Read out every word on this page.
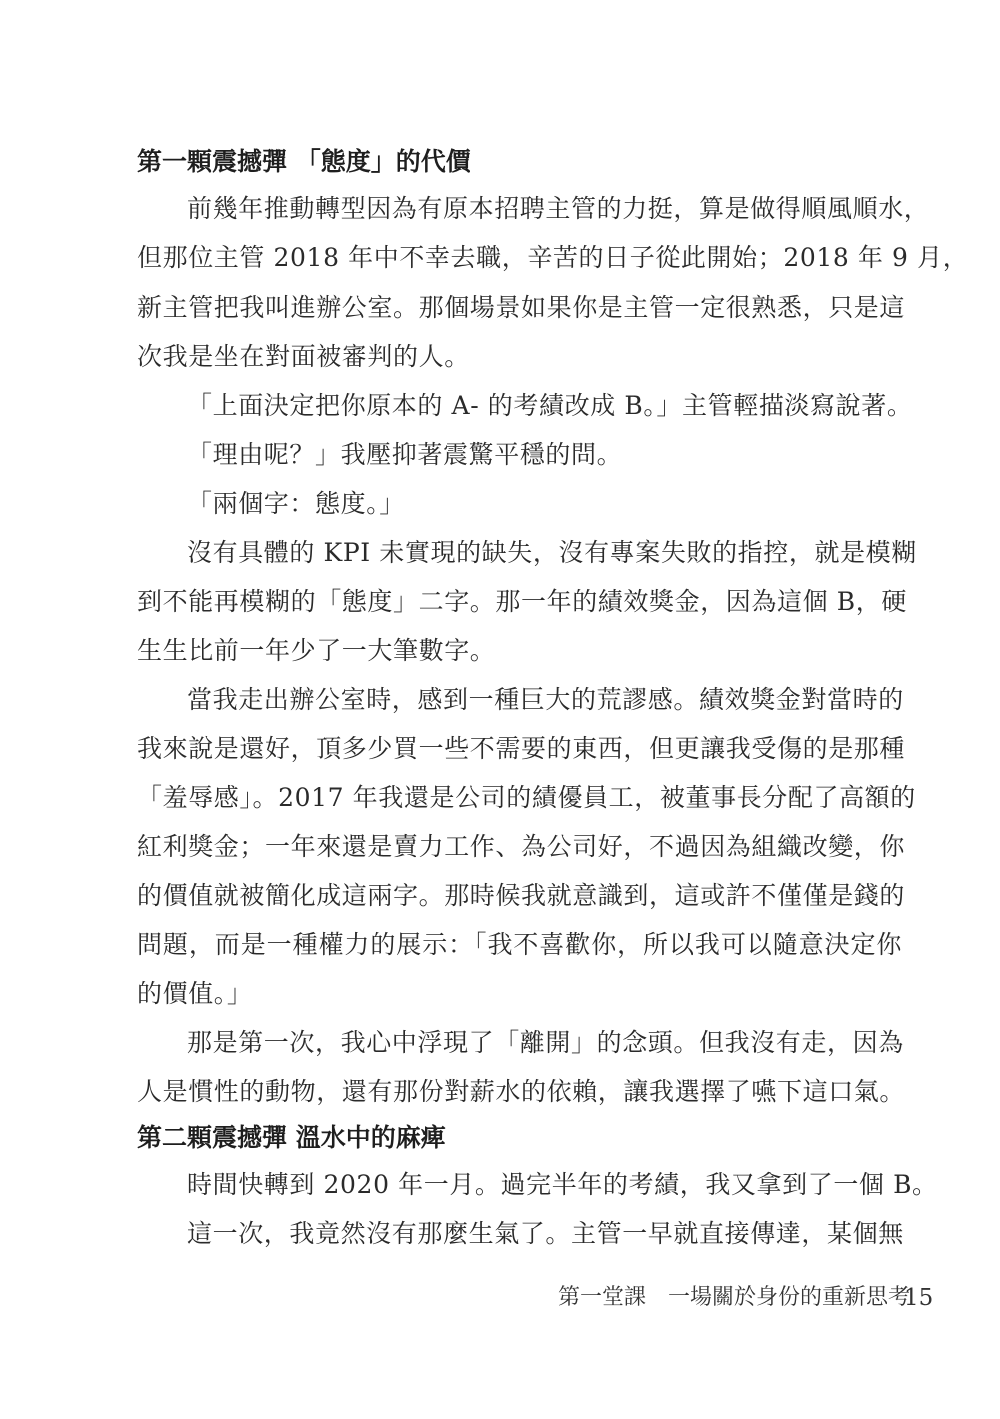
第一顆震撼彈 「態度」的代價
前幾年推動轉型因為有原本招聘主管的力挺，算是做得順風順水，
但那位主管 2018 年中不幸去職，辛苦的日子從此開始；2018 年 9 月，
新主管把我叫進辦公室。那個場景如果你是主管一定很熟悉，只是這
次我是坐在對面被審判的人。
「上面決定把你原本的 A- 的考績改成 B。」主管輕描淡寫說著。
「理由呢？」我壓抑著震驚平穩的問。
「兩個字：態度。」
沒有具體的 KPI 未實現的缺失，沒有專案失敗的指控，就是模糊
到不能再模糊的「態度」二字。那一年的績效獎金，因為這個 B，硬
生生比前一年少了一大筆數字。
當我走出辦公室時，感到一種巨大的荒謬感。績效獎金對當時的
我來說是還好，頂多少買一些不需要的東西，但更讓我受傷的是那種
「羞辱感」。2017 年我還是公司的績優員工，被董事長分配了高額的
紅利獎金；一年來還是賣力工作、為公司好，不過因為組織改變，你
的價值就被簡化成這兩字。那時候我就意識到，這或許不僅僅是錢的
問題，而是一種權力的展示：「我不喜歡你，所以我可以隨意決定你
的價值。」
那是第一次，我心中浮現了「離開」的念頭。但我沒有走，因為
人是慣性的動物，還有那份對薪水的依賴，讓我選擇了嚥下這口氣。
第二顆震撼彈 溫水中的麻痺
時間快轉到 2020 年一月。過完半年的考績，我又拿到了一個 B。
這一次，我竟然沒有那麼生氣了。主管一早就直接傳達，某個無
第一堂課　一場關於身份的重新思考
15
